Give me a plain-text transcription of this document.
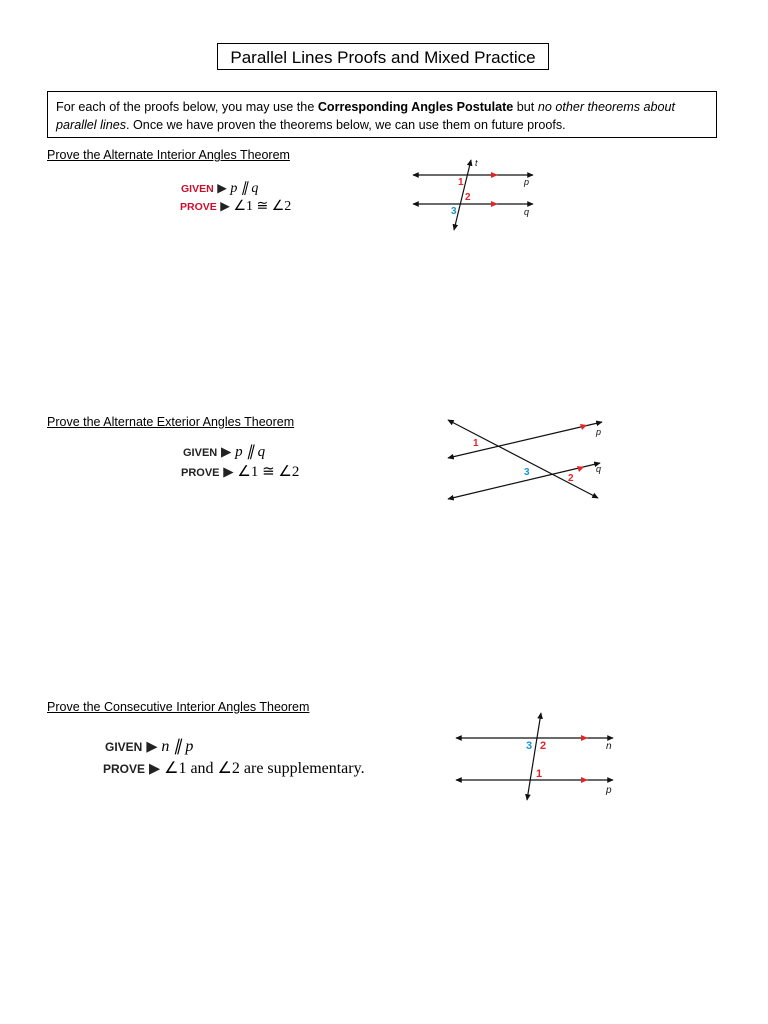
Parallel Lines Proofs and Mixed Practice
For each of the proofs below, you may use the Corresponding Angles Postulate but no other theorems about parallel lines. Once we have proven the theorems below, we can use them on future proofs.
Prove the Alternate Interior Angles Theorem
GIVEN ▶ p ∥ q
PROVE ▶ ∠1 ≅ ∠2
t
p
q
1
2
3
Prove the Alternate Exterior Angles Theorem
GIVEN ▶ p ∥ q
PROVE ▶ ∠1 ≅ ∠2
p
q
1
2
3
Prove the Consecutive Interior Angles Theorem
GIVEN ▶ n ∥ p
PROVE ▶ ∠1 and ∠2 are supplementary.
n
p
3 2
1
